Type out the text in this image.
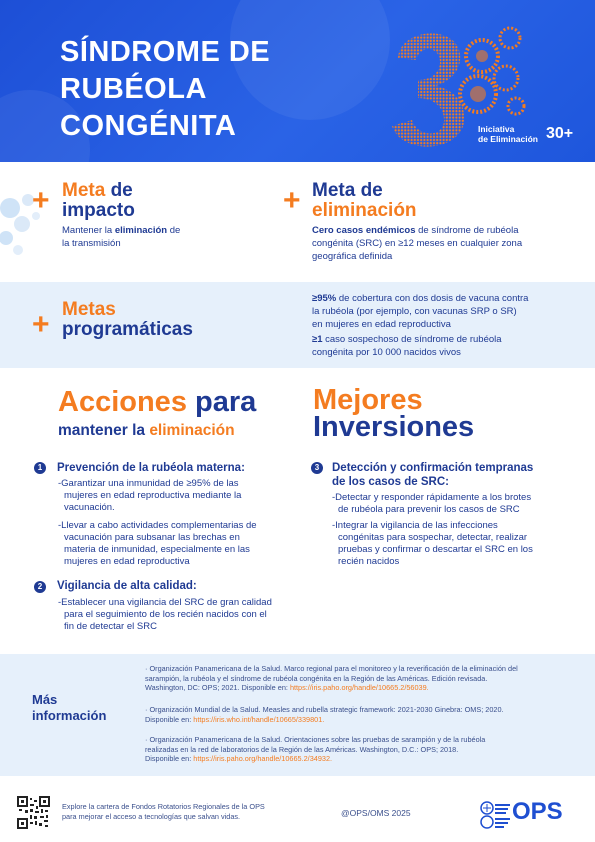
SÍNDROME DE
RUBÉOLA
CONGÉNITA	Iniciativa
de Eliminación 30+
+ Meta de
impacto
Mantener la eliminación de
la transmisión
+ Meta de
eliminación
Cero casos endémicos de síndrome de rubéola
congénita (SRC) en ≥12 meses en cualquier zona
geográfica definida
+ Metas
programáticas
≥95% de cobertura con dos dosis de vacuna contra
la rubéola (por ejemplo, con vacunas SRP o SR)
en mujeres en edad reproductiva
≥1 caso sospechoso de síndrome de rubéola
congénita por 10 000 nacidos vivos
Acciones para
mantener la eliminación
1	Prevención de la rubéola materna:
-Garantizar una inmunidad de ≥95% de las
mujeres en edad reproductiva mediante la
vacunación.
-Llevar a cabo actividades complementarias de
vacunación para subsanar las brechas en
materia de inmunidad, especialmente en las
mujeres en edad reproductiva
2	Vigilancia de alta calidad:
-Establecer una vigilancia del SRC de gran calidad
para el seguimiento de los recién nacidos con el
fin de detectar el SRC
Mejores
Inversiones
3	Detección y confirmación tempranas
de los casos de SRC:
-Detectar y responder rápidamente a los brotes
de rubéola para prevenir los casos de SRC
-Integrar la vigilancia de las infecciones
congénitas para sospechar, detectar, realizar
pruebas y confirmar o descartar el SRC en los
recién nacidos
Más
información
· Organización Panamericana de la Salud. Marco regional para el monitoreo y la reverificación de la eliminación del
sarampión, la rubéola y el síndrome de rubéola congénita en la Región de las Américas. Edición revisada.
Washington, DC: OPS; 2021. Disponible en: https://iris.paho.org/handle/10665.2/56039.
· Organización Mundial de la Salud. Measles and rubella strategic framework: 2021-2030 Ginebra: OMS; 2020.
Disponible en: https://iris.who.int/handle/10665/339801.
· Organización Panamericana de la Salud. Orientaciones sobre las pruebas de sarampión y de la rubéola
realizadas en la red de laboratorios de la Región de las Américas. Washington, D.C.: OPS; 2018.
Disponible en: https://iris.paho.org/handle/10665.2/34932.
Explore la cartera de Fondos Rotatorios Regionales de la OPS
para mejorar el acceso a tecnologías que salvan vidas.	@OPS/OMS 2025	OPS
